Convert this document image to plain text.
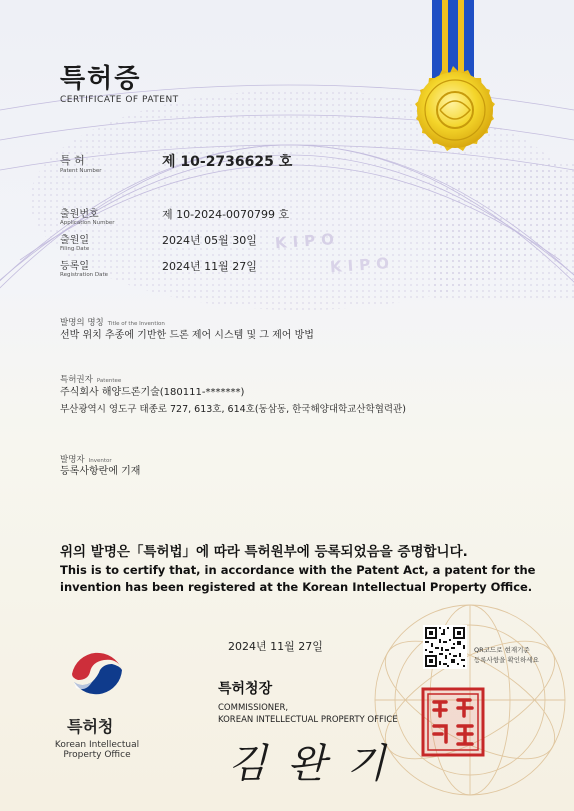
특허증
CERTIFICATE OF PATENT
특 허
Patent Number
제 10-2736625 호
출원번호
Application Number
제 10-2024-0070799 호
출원일
Filing Date
2024년 05월 30일
등록일
Registration Date
2024년 11월 27일
KIPO
KIPO
발명의 명칭 Title of the Invention
선박 위치 추종에 기반한 드론 제어 시스템 및 그 제어 방법
특허권자 Patentee
주식회사 해양드론기술(180111-*******)
부산광역시 영도구 태종로 727, 613호, 614호(동삼동, 한국해양대학교산학협력관)
발명자 Inventor
등록사항란에 기재
위의 발명은「특허법」에 따라 특허원부에 등록되었음을 증명합니다.
This is to certify that, in accordance with the Patent Act, a patent for the
invention has been registered at the Korean Intellectual Property Office.
2024년 11월 27일	QR코드로 현재기준
등록사항을 확인하세요
특허청장
COMMISSIONER,
KOREAN INTELLECTUAL PROPERTY OFFICE
김 완 기
특허청
Korean Intellectual
Property Office
